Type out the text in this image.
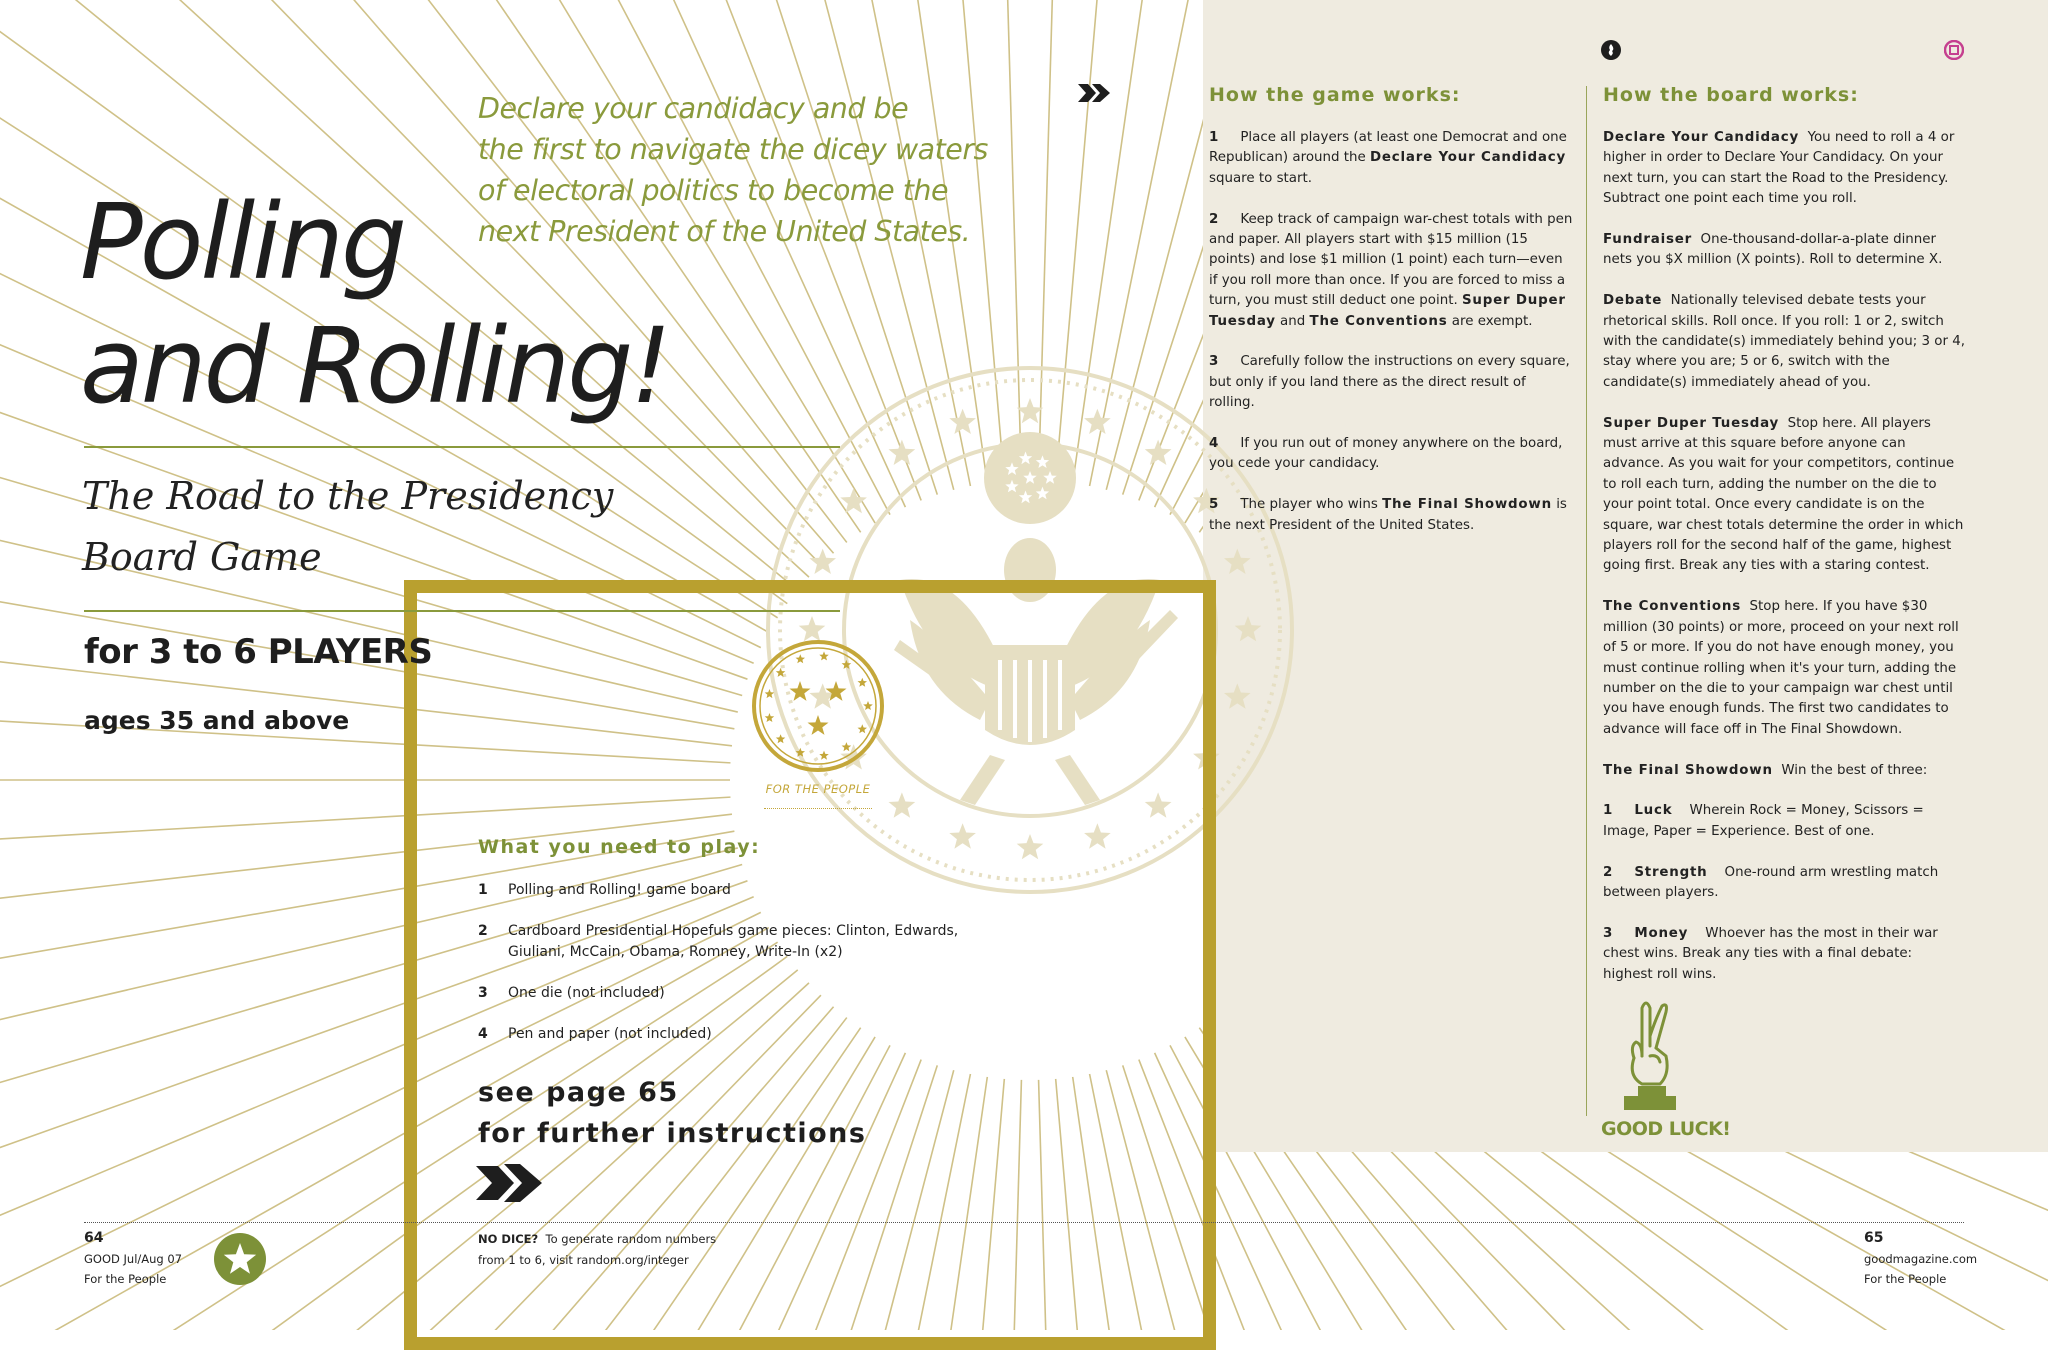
Declare your candidacy and be
the first to navigate the dicey waters
of electoral politics to become the
next President of the United States.
Polling
and Rolling!
The Road to the Presidency
Board Game
for 3 to 6 PLAYERS
ages 35 and above
FOR THE PEOPLE
What you need to play:
1 Polling and Rolling! game board
2 Cardboard Presidential Hopefuls game pieces: Clinton, Edwards, Giuliani, McCain, Obama, Romney, Write-In (x2)
3 One die (not included)
4 Pen and paper (not included)
see page 65
for further instructions
How the game works:

1 Place all players (at least one Democrat and one Republican) around the Declare Your Candidacy square to start.

2 Keep track of campaign war-chest totals with pen and paper. All players start with $15 million (15 points) and lose $1 million (1 point) each turn—even if you roll more than once. If you are forced to miss a turn, you must still deduct one point. Super Duper Tuesday and The Conventions are exempt.

3 Carefully follow the instructions on every square, but only if you land there as the direct result of rolling.

4 If you run out of money anywhere on the board, you cede your candidacy.

5 The player who wins The Final Showdown is the next President of the United States.

How the board works:

Declare Your Candidacy You need to roll a 4 or higher in order to Declare Your Candidacy. On your next turn, you can start the Road to the Presidency. Subtract one point each time you roll.

Fundraiser One-thousand-dollar-a-plate dinner nets you $X million (X points). Roll to determine X.

Debate Nationally televised debate tests your rhetorical skills. Roll once. If you roll: 1 or 2, switch with the candidate(s) immediately behind you; 3 or 4, stay where you are; 5 or 6, switch with the candidate(s) immediately ahead of you.

Super Duper Tuesday Stop here. All players must arrive at this square before anyone can advance. As you wait for your competitors, continue to roll each turn, adding the number on the die to your point total. Once every candidate is on the square, war chest totals determine the order in which players roll for the second half of the game, highest going first. Break any ties with a staring contest.

The Conventions Stop here. If you have $30 million (30 points) or more, proceed on your next roll of 5 or more. If you do not have enough money, you must continue rolling when it's your turn, adding the number on the die to your campaign war chest until you have enough funds. The first two candidates to advance will face off in The Final Showdown.

The Final Showdown Win the best of three:

1 Luck Wherein Rock = Money, Scissors = Image, Paper = Experience. Best of one.

2 Strength One-round arm wrestling match between players.

3 Money Whoever has the most in their war chest wins. Break any ties with a final debate: highest roll wins.

GOOD LUCK!
64
GOOD Jul/Aug 07
For the People
NO DICE? To generate random numbers
from 1 to 6, visit random.org/integer
65
goodmagazine.com
For the People
